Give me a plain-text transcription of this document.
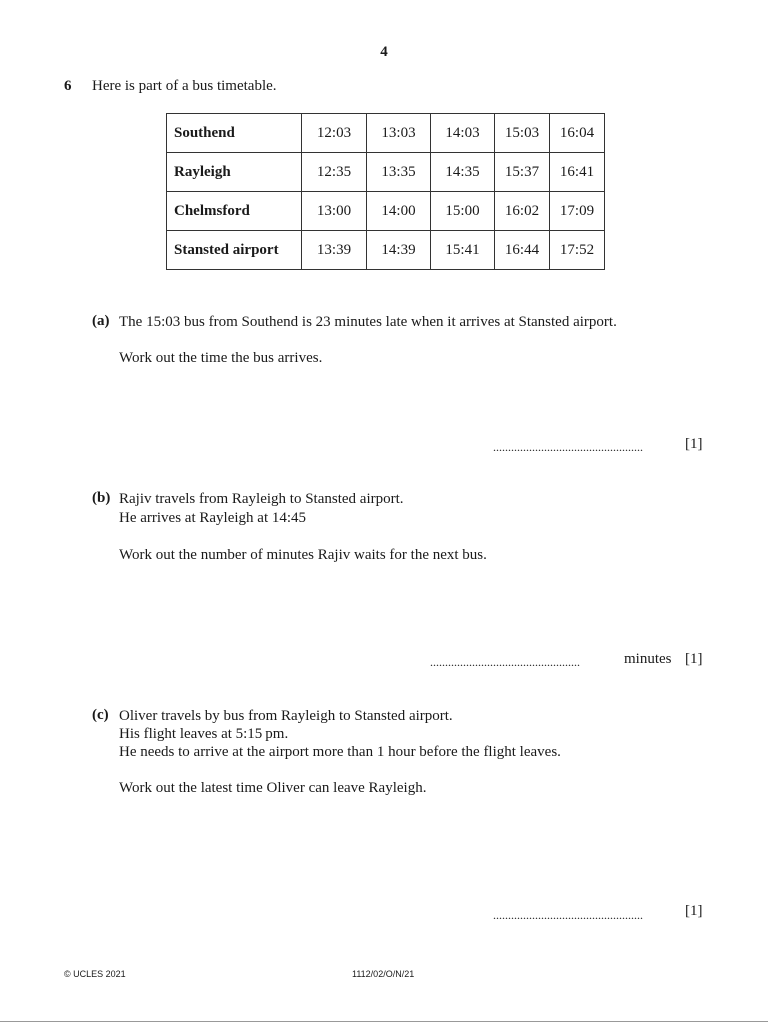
4
6 Here is part of a bus timetable.
Southend	12:03	13:03	14:03	15:03	16:04
Rayleigh	12:35	13:35	14:35	15:37	16:41
Chelmsford	13:00	14:00	15:00	16:02	17:09
Stansted airport	13:39	14:39	15:41	16:44	17:52
(a) The 15:03 bus from Southend is 23 minutes late when it arrives at Stansted airport.
Work out the time the bus arrives.
..................................................	[1]
(b) Rajiv travels from Rayleigh to Stansted airport.
He arrives at Rayleigh at 14:45
Work out the number of minutes Rajiv waits for the next bus.
..................................................	minutes [1]
(c) Oliver travels by bus from Rayleigh to Stansted airport.
His flight leaves at 5:15 pm.
He needs to arrive at the airport more than 1 hour before the flight leaves.
Work out the latest time Oliver can leave Rayleigh.
..................................................	[1]
© UCLES 2021	1112/02/O/N/21
